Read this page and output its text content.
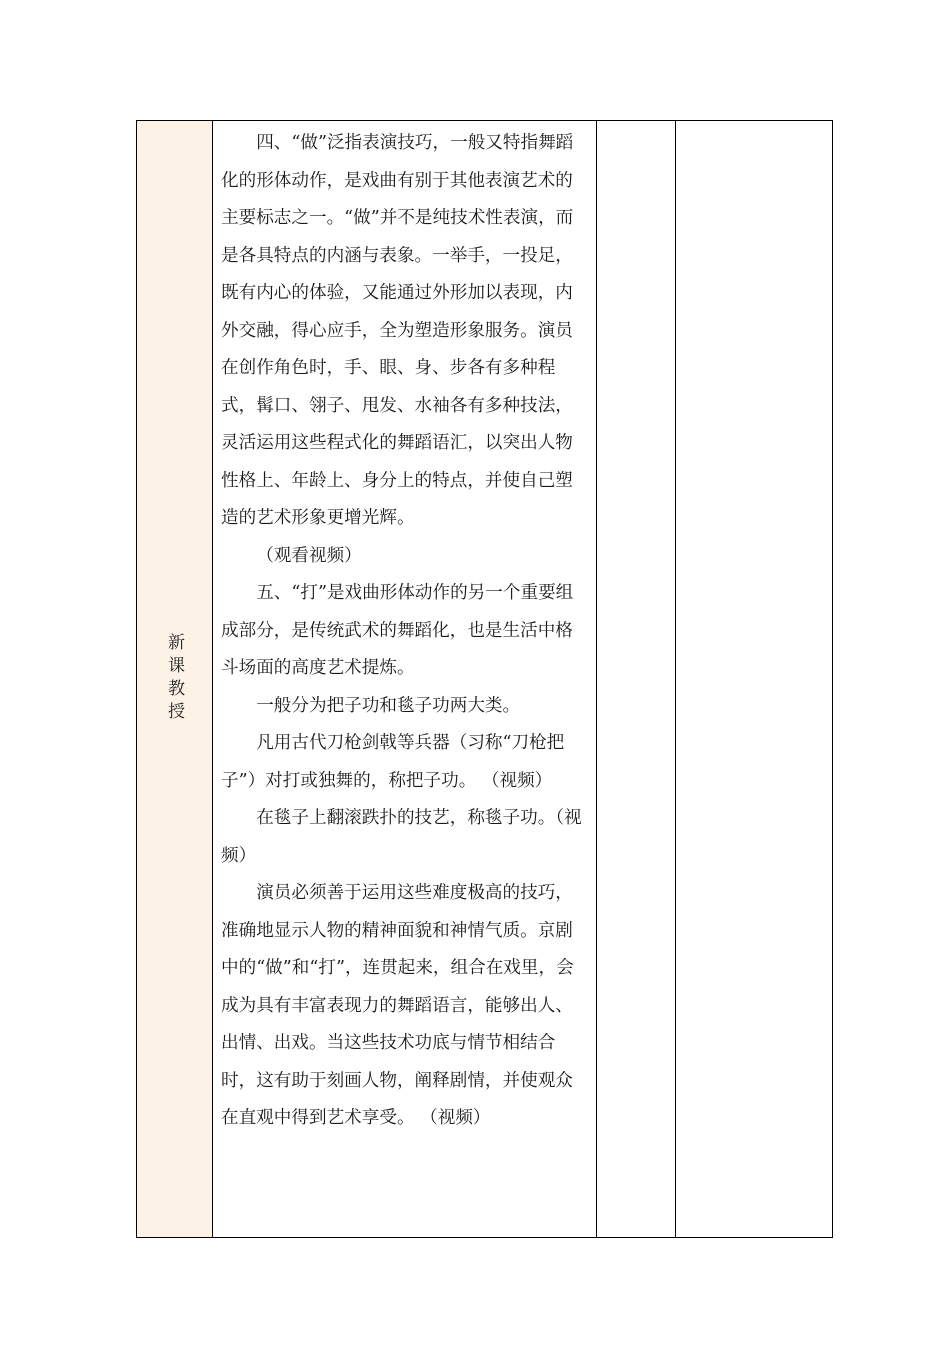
新课教授

四、“做”泛指表演技巧，一般又特指舞蹈化的形体动作，是戏曲有别于其他表演艺术的主要标志之一。“做”并不是纯技术性表演，而是各具特点的内涵与表象。一举手，一投足，既有内心的体验，又能通过外形加以表现，内外交融，得心应手，全为塑造形象服务。演员在创作角色时，手、眼、身、步各有多种程式，髯口、翎子、甩发、水袖各有多种技法，灵活运用这些程式化的舞蹈语汇，以突出人物性格上、年龄上、身分上的特点，并使自己塑造的艺术形象更增光辉。

（观看视频）

五、“打”是戏曲形体动作的另一个重要组成部分，是传统武术的舞蹈化，也是生活中格斗场面的高度艺术提炼。

一般分为把子功和毯子功两大类。

凡用古代刀枪剑戟等兵器（习称“刀枪把子”）对打或独舞的，称把子功。 （视频）

在毯子上翻滚跌扑的技艺，称毯子功。（视频）

演员必须善于运用这些难度极高的技巧，准确地显示人物的精神面貌和神情气质。京剧中的“做”和“打”，连贯起来，组合在戏里，会成为具有丰富表现力的舞蹈语言，能够出人、出情、出戏。当这些技术功底与情节相结合时，这有助于刻画人物，阐释剧情，并使观众在直观中得到艺术享受。 （视频）
